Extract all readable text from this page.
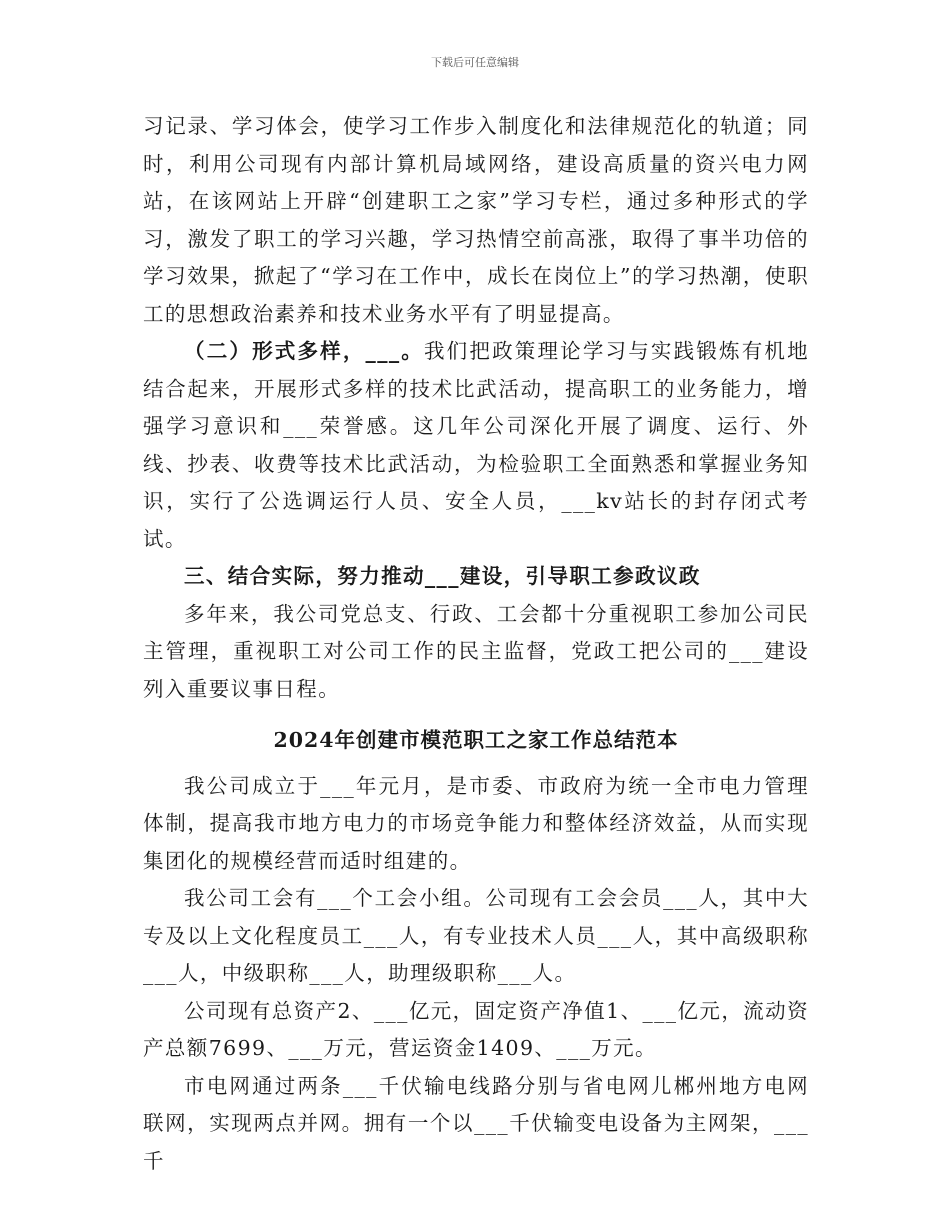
下载后可任意编辑

习记录、学习体会，使学习工作步入制度化和法律规范化的轨道；同时，利用公司现有内部计算机局域网络，建设高质量的资兴电力网站，在该网站上开辟“创建职工之家”学习专栏，通过多种形式的学习，激发了职工的学习兴趣，学习热情空前高涨，取得了事半功倍的学习效果，掀起了“学习在工作中，成长在岗位上”的学习热潮，使职工的思想政治素养和技术业务水平有了明显提高。

（二）形式多样，___。我们把政策理论学习与实践锻炼有机地结合起来，开展形式多样的技术比武活动，提高职工的业务能力，增强学习意识和___荣誉感。这几年公司深化开展了调度、运行、外线、抄表、收费等技术比武活动，为检验职工全面熟悉和掌握业务知识，实行了公选调运行人员、安全人员，___kv站长的封存闭式考试。

三、结合实际，努力推动___建设，引导职工参政议政

多年来，我公司党总支、行政、工会都十分重视职工参加公司民主管理，重视职工对公司工作的民主监督，党政工把公司的___建设列入重要议事日程。

2024年创建市模范职工之家工作总结范本

我公司成立于___年元月，是市委、市政府为统一全市电力管理体制，提高我市地方电力的市场竞争能力和整体经济效益，从而实现集团化的规模经营而适时组建的。

我公司工会有___个工会小组。公司现有工会会员___人，其中大专及以上文化程度员工___人，有专业技术人员___人，其中高级职称___人，中级职称___人，助理级职称___人。

公司现有总资产2、___亿元，固定资产净值1、___亿元，流动资产总额7699、___万元，营运资金1409、___万元。

市电网通过两条___千伏输电线路分别与省电网儿郴州地方电网联网，实现两点并网。拥有一个以___千伏输变电设备为主网架，___千
